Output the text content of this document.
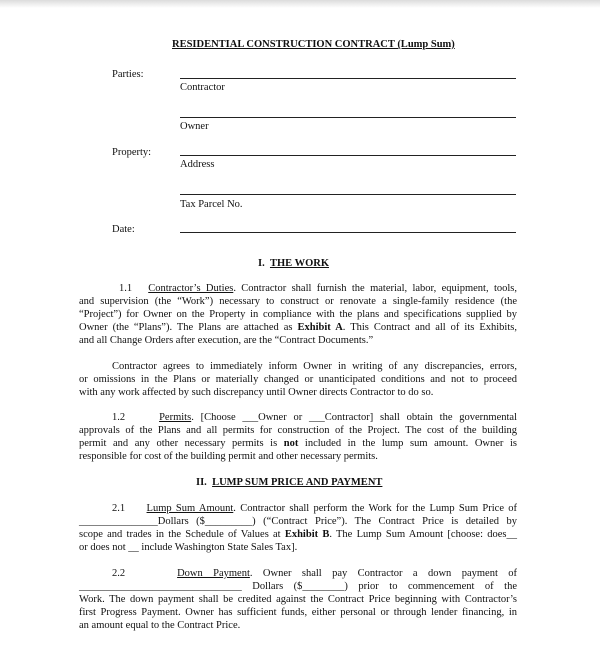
RESIDENTIAL CONSTRUCTION CONTRACT (Lump Sum)
Parties:
Contractor
Owner
Property:
Address
Tax Parcel No.
Date:
I. THE WORK
1.1 Contractor’s Duties. Contractor shall furnish the material, labor, equipment, tools,
and supervision (the “Work”) necessary to construct or renovate a single-family residence (the
“Project”) for Owner on the Property in compliance with the plans and specifications supplied by
Owner (the “Plans”). The Plans are attached as Exhibit A. This Contract and all of its Exhibits,
and all Change Orders after execution, are the “Contract Documents.”
Contractor agrees to immediately inform Owner in writing of any discrepancies, errors,
or omissions in the Plans or materially changed or unanticipated conditions and not to proceed
with any work affected by such discrepancy until Owner directs Contractor to do so.
1.2	Permits. [Choose ___Owner or ___Contractor] shall obtain the governmental
approvals of the Plans and all permits for construction of the Project. The cost of the building
permit and any other necessary permits is not included in the lump sum amount. Owner is
responsible for cost of the building permit and other necessary permits.
II. LUMP SUM PRICE AND PAYMENT
2.1 Lump Sum Amount. Contractor shall perform the Work for the Lump Sum Price of
_______________Dollars ($_________) (“Contract Price”). The Contract Price is detailed by
scope and trades in the Schedule of Values at Exhibit B. The Lump Sum Amount [choose: does__
or does not __ include Washington State Sales Tax].
2.2	Down Payment. Owner shall pay Contractor a down payment of
_______________________________ Dollars ($________) prior to commencement of the
Work. The down payment shall be credited against the Contract Price beginning with Contractor’s
first Progress Payment. Owner has sufficient funds, either personal or through lender financing, in
an amount equal to the Contract Price.
